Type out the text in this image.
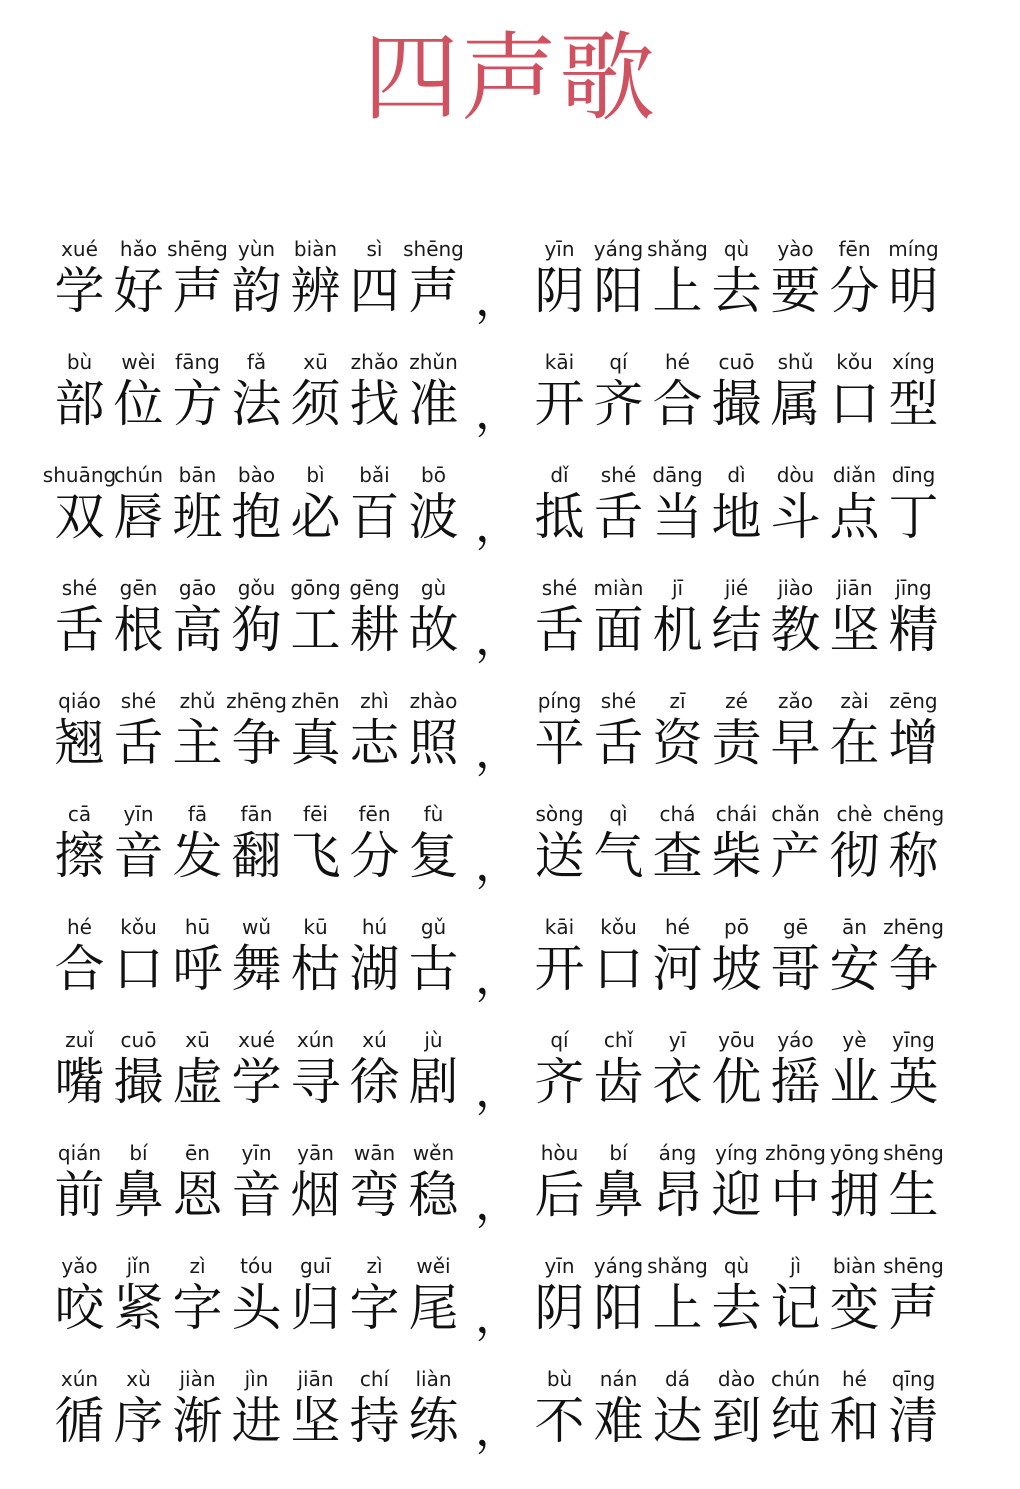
四声歌
xué
学
hǎo
好
shēng
声
yùn
韵
biàn
辨
sì
四
shēng
声
yīn
阴
yáng
阳
shǎng
上
qù
去
yào
要
fēn
分
míng
明
，
bù
部
wèi
位
fāng
方
fǎ
法
xū
须
zhǎo
找
zhǔn
准
kāi
开
qí
齐
hé
合
cuō
撮
shǔ
属
kǒu
口
xíng
型
，
shuāng
双
chún
唇
bān
班
bào
抱
bì
必
bǎi
百
bō
波
dǐ
抵
shé
舌
dāng
当
dì
地
dòu
斗
diǎn
点
dīng
丁
，
shé
舌
gēn
根
gāo
高
gǒu
狗
gōng
工
gēng
耕
gù
故
shé
舌
miàn
面
jī
机
jié
结
jiào
教
jiān
坚
jīng
精
，
qiáo
翘
shé
舌
zhǔ
主
zhēng
争
zhēn
真
zhì
志
zhào
照
píng
平
shé
舌
zī
资
zé
责
zǎo
早
zài
在
zēng
增
，
cā
擦
yīn
音
fā
发
fān
翻
fēi
飞
fēn
分
fù
复
sòng
送
qì
气
chá
查
chái
柴
chǎn
产
chè
彻
chēng
称
，
hé
合
kǒu
口
hū
呼
wǔ
舞
kū
枯
hú
湖
gǔ
古
kāi
开
kǒu
口
hé
河
pō
坡
gē
哥
ān
安
zhēng
争
，
zuǐ
嘴
cuō
撮
xū
虚
xué
学
xún
寻
xú
徐
jù
剧
qí
齐
chǐ
齿
yī
衣
yōu
优
yáo
摇
yè
业
yīng
英
，
qián
前
bí
鼻
ēn
恩
yīn
音
yān
烟
wān
弯
wěn
稳
hòu
后
bí
鼻
áng
昂
yíng
迎
zhōng
中
yōng
拥
shēng
生
，
yǎo
咬
jǐn
紧
zì
字
tóu
头
guī
归
zì
字
wěi
尾
yīn
阴
yáng
阳
shǎng
上
qù
去
jì
记
biàn
变
shēng
声
，
xún
循
xù
序
jiàn
渐
jìn
进
jiān
坚
chí
持
liàn
练
bù
不
nán
难
dá
达
dào
到
chún
纯
hé
和
qīng
清
，
